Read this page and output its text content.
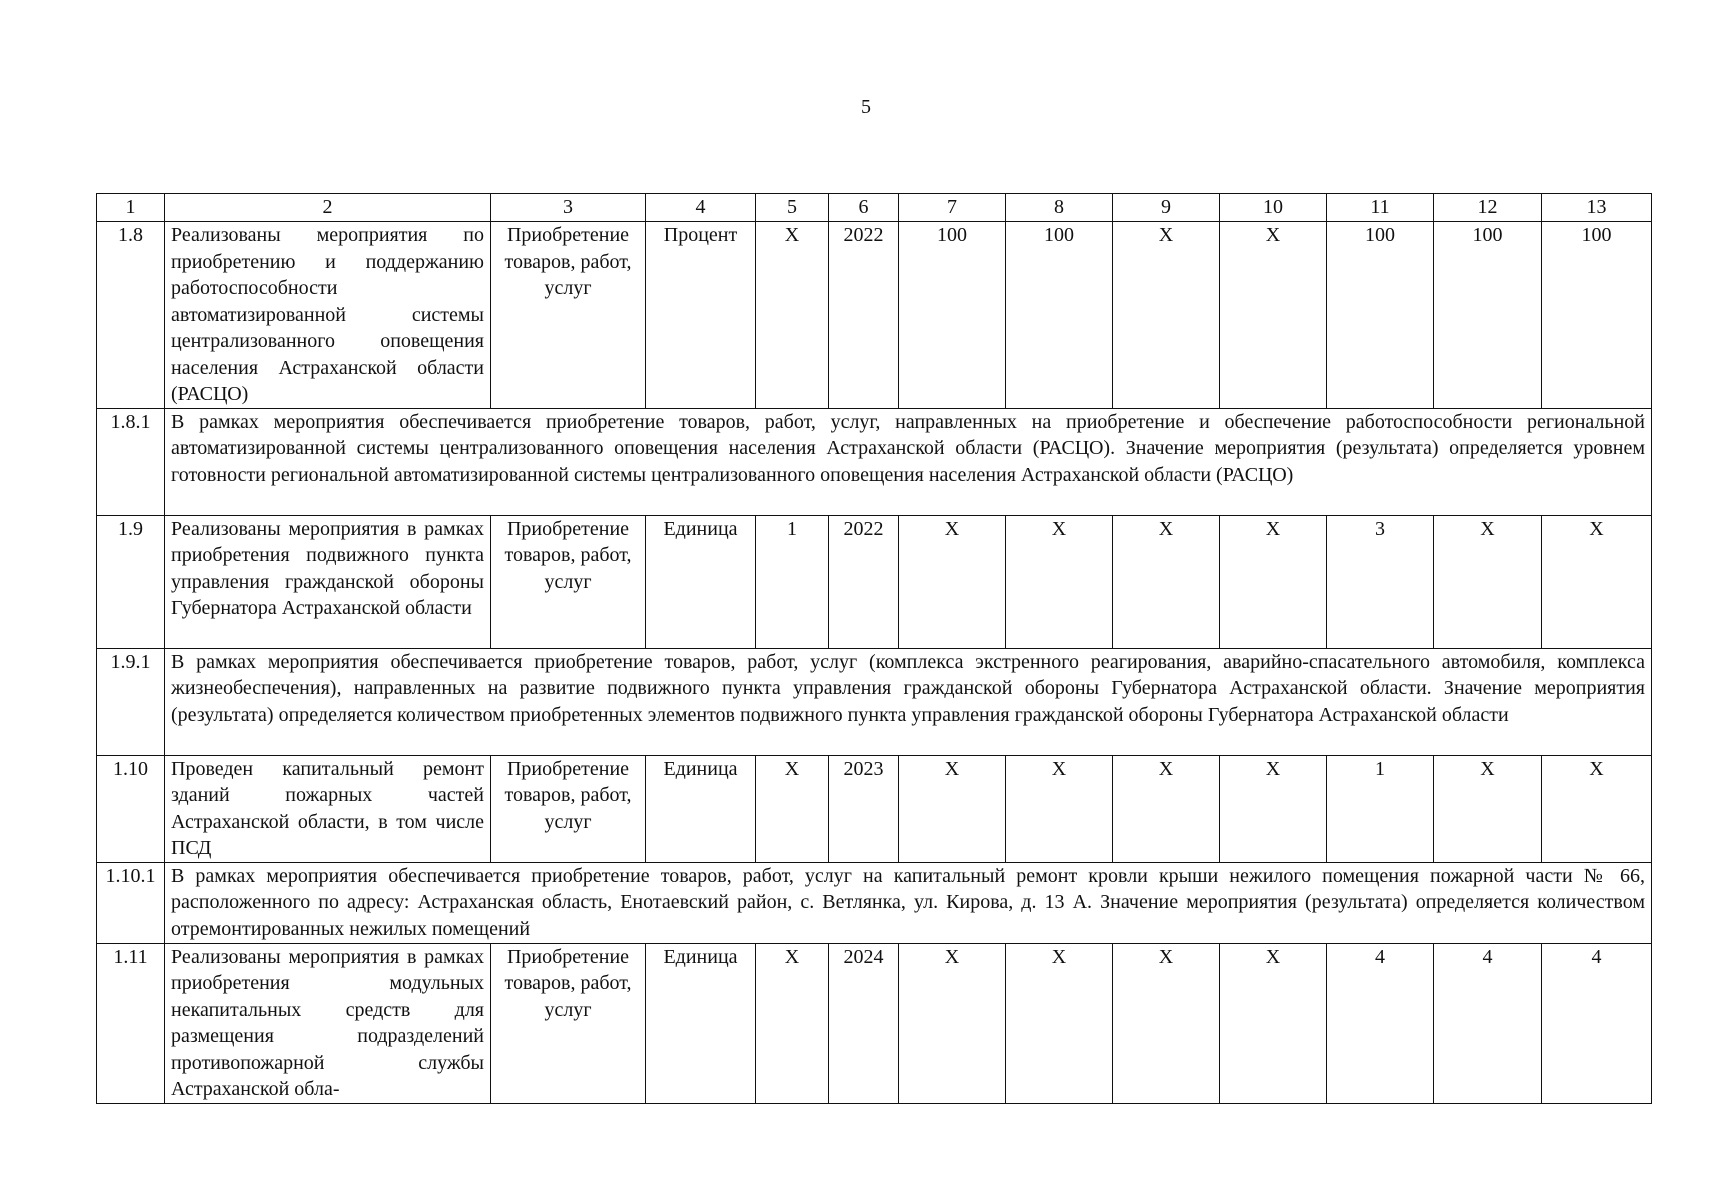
5
1	2	3	4	5	6	7	8	9	10	11	12	13
1.8	Реализованы мероприятия по приобретению и поддержанию работоспособности автоматизированной системы централизованного оповещения населения Астраханской области (РАСЦО)	Приобретение
товаров, работ,
услуг	Процент	X	2022	100	100	X	X	100	100	100
1.8.1	В рамках мероприятия обеспечивается приобретение товаров, работ, услуг, направленных на приобретение и обеспечение работоспособности региональной автоматизированной системы централизованного оповещения населения Астраханской области (РАСЦО). Значение мероприятия (результата) определяется уровнем готовности региональной автоматизированной системы централизованного оповещения населения Астраханской области (РАСЦО)											

1.9	Реализованы мероприятия в рамках приобретения подвижного пункта управления гражданской обороны Губернатора Астраханской области	Приобретение
товаров, работ,
услуг	Единица	1	2022	X	X	X	X	3	X	X
1.9.1	В рамках мероприятия обеспечивается приобретение товаров, работ, услуг (комплекса экстренного реагирования, аварийно-спасательного автомобиля, комплекса жизнеобеспечения), направленных на развитие подвижного пункта управления гражданской обороны Губернатора Астраханской области. Значение мероприятия (результата) определяется количеством приобретенных элементов подвижного пункта управления гражданской обороны Губернатора Астраханской области											

1.10	Проведен капитальный ремонт зданий пожарных частей Астраханской области, в том числе ПСД	Приобретение
товаров, работ,
услуг	Единица	X	2023	X	X	X	X	1	X	X
1.10.1	В рамках мероприятия обеспечивается приобретение товаров, работ, услуг на капитальный ремонт кровли крыши нежилого помещения пожарной части № 66, расположенного по адресу: Астраханская область, Енотаевский район, с. Ветлянка, ул. Кирова, д. 13 А. Значение мероприятия (результата) определяется количеством отремонтированных нежилых помещений											

1.11	Реализованы мероприятия в рамках приобретения модульных некапитальных средств для размещения подразделений противопожарной службы Астраханской обла-	Приобретение
товаров, работ,
услуг	Единица	X	2024	X	X	X	X	4	4	4
